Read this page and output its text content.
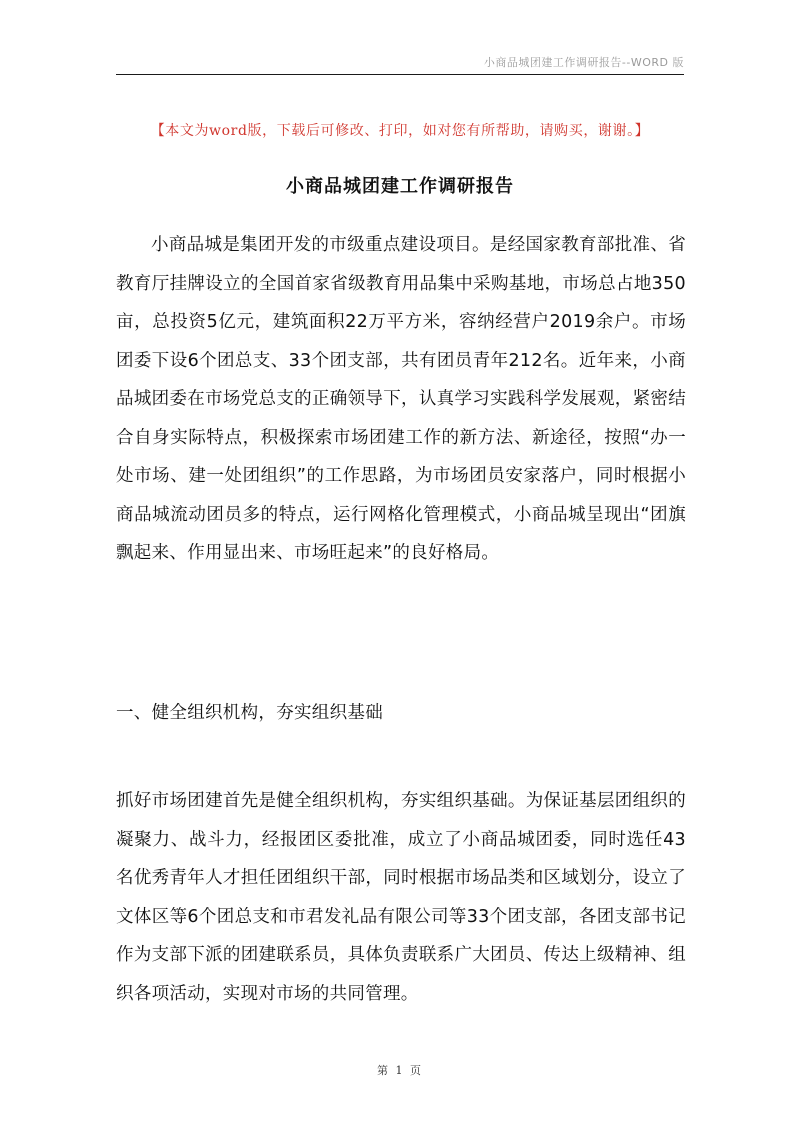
小商品城团建工作调研报告--WORD 版
【本文为word版，下载后可修改、打印，如对您有所帮助，请购买，谢谢。】
小商品城团建工作调研报告
小商品城是集团开发的市级重点建设项目。是经国家教育部批准、省教育厅挂牌设立的全国首家省级教育用品集中采购基地，市场总占地350亩，总投资5亿元，建筑面积22万平方米，容纳经营户2019余户。市场团委下设6个团总支、33个团支部，共有团员青年212名。近年来，小商品城团委在市场党总支的正确领导下，认真学习实践科学发展观，紧密结合自身实际特点，积极探索市场团建工作的新方法、新途径，按照“办一处市场、建一处团组织”的工作思路，为市场团员安家落户，同时根据小商品城流动团员多的特点，运行网格化管理模式，小商品城呈现出“团旗飘起来、作用显出来、市场旺起来”的良好格局。
一、健全组织机构，夯实组织基础
抓好市场团建首先是健全组织机构，夯实组织基础。为保证基层团组织的凝聚力、战斗力，经报团区委批准，成立了小商品城团委，同时选任43名优秀青年人才担任团组织干部，同时根据市场品类和区域划分，设立了文体区等6个团总支和市君发礼品有限公司等33个团支部，各团支部书记作为支部下派的团建联系员，具体负责联系广大团员、传达上级精神、组织各项活动，实现对市场的共同管理。
第 1 页
